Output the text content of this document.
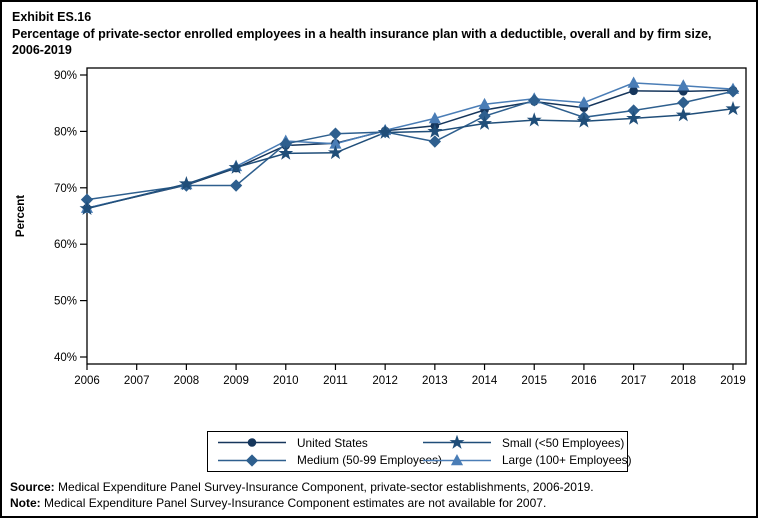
Exhibit ES.16

Percentage of private-sector enrolled employees in a health insurance plan with a deductible, overall and by firm size, 2006-2019

40%
50%
60%
70%
80%
90%
2006 2007 2008 2009 2010 2011 2012 2013 2014 2015 2016 2017 2018 2019
Percent
United States	Small (<50 Employees)
Medium (50-99 Employees)	Large (100+ Employees)

Source: Medical Expenditure Panel Survey-Insurance Component, private-sector establishments, 2006-2019.

Note: Medical Expenditure Panel Survey-Insurance Component estimates are not available for 2007.
